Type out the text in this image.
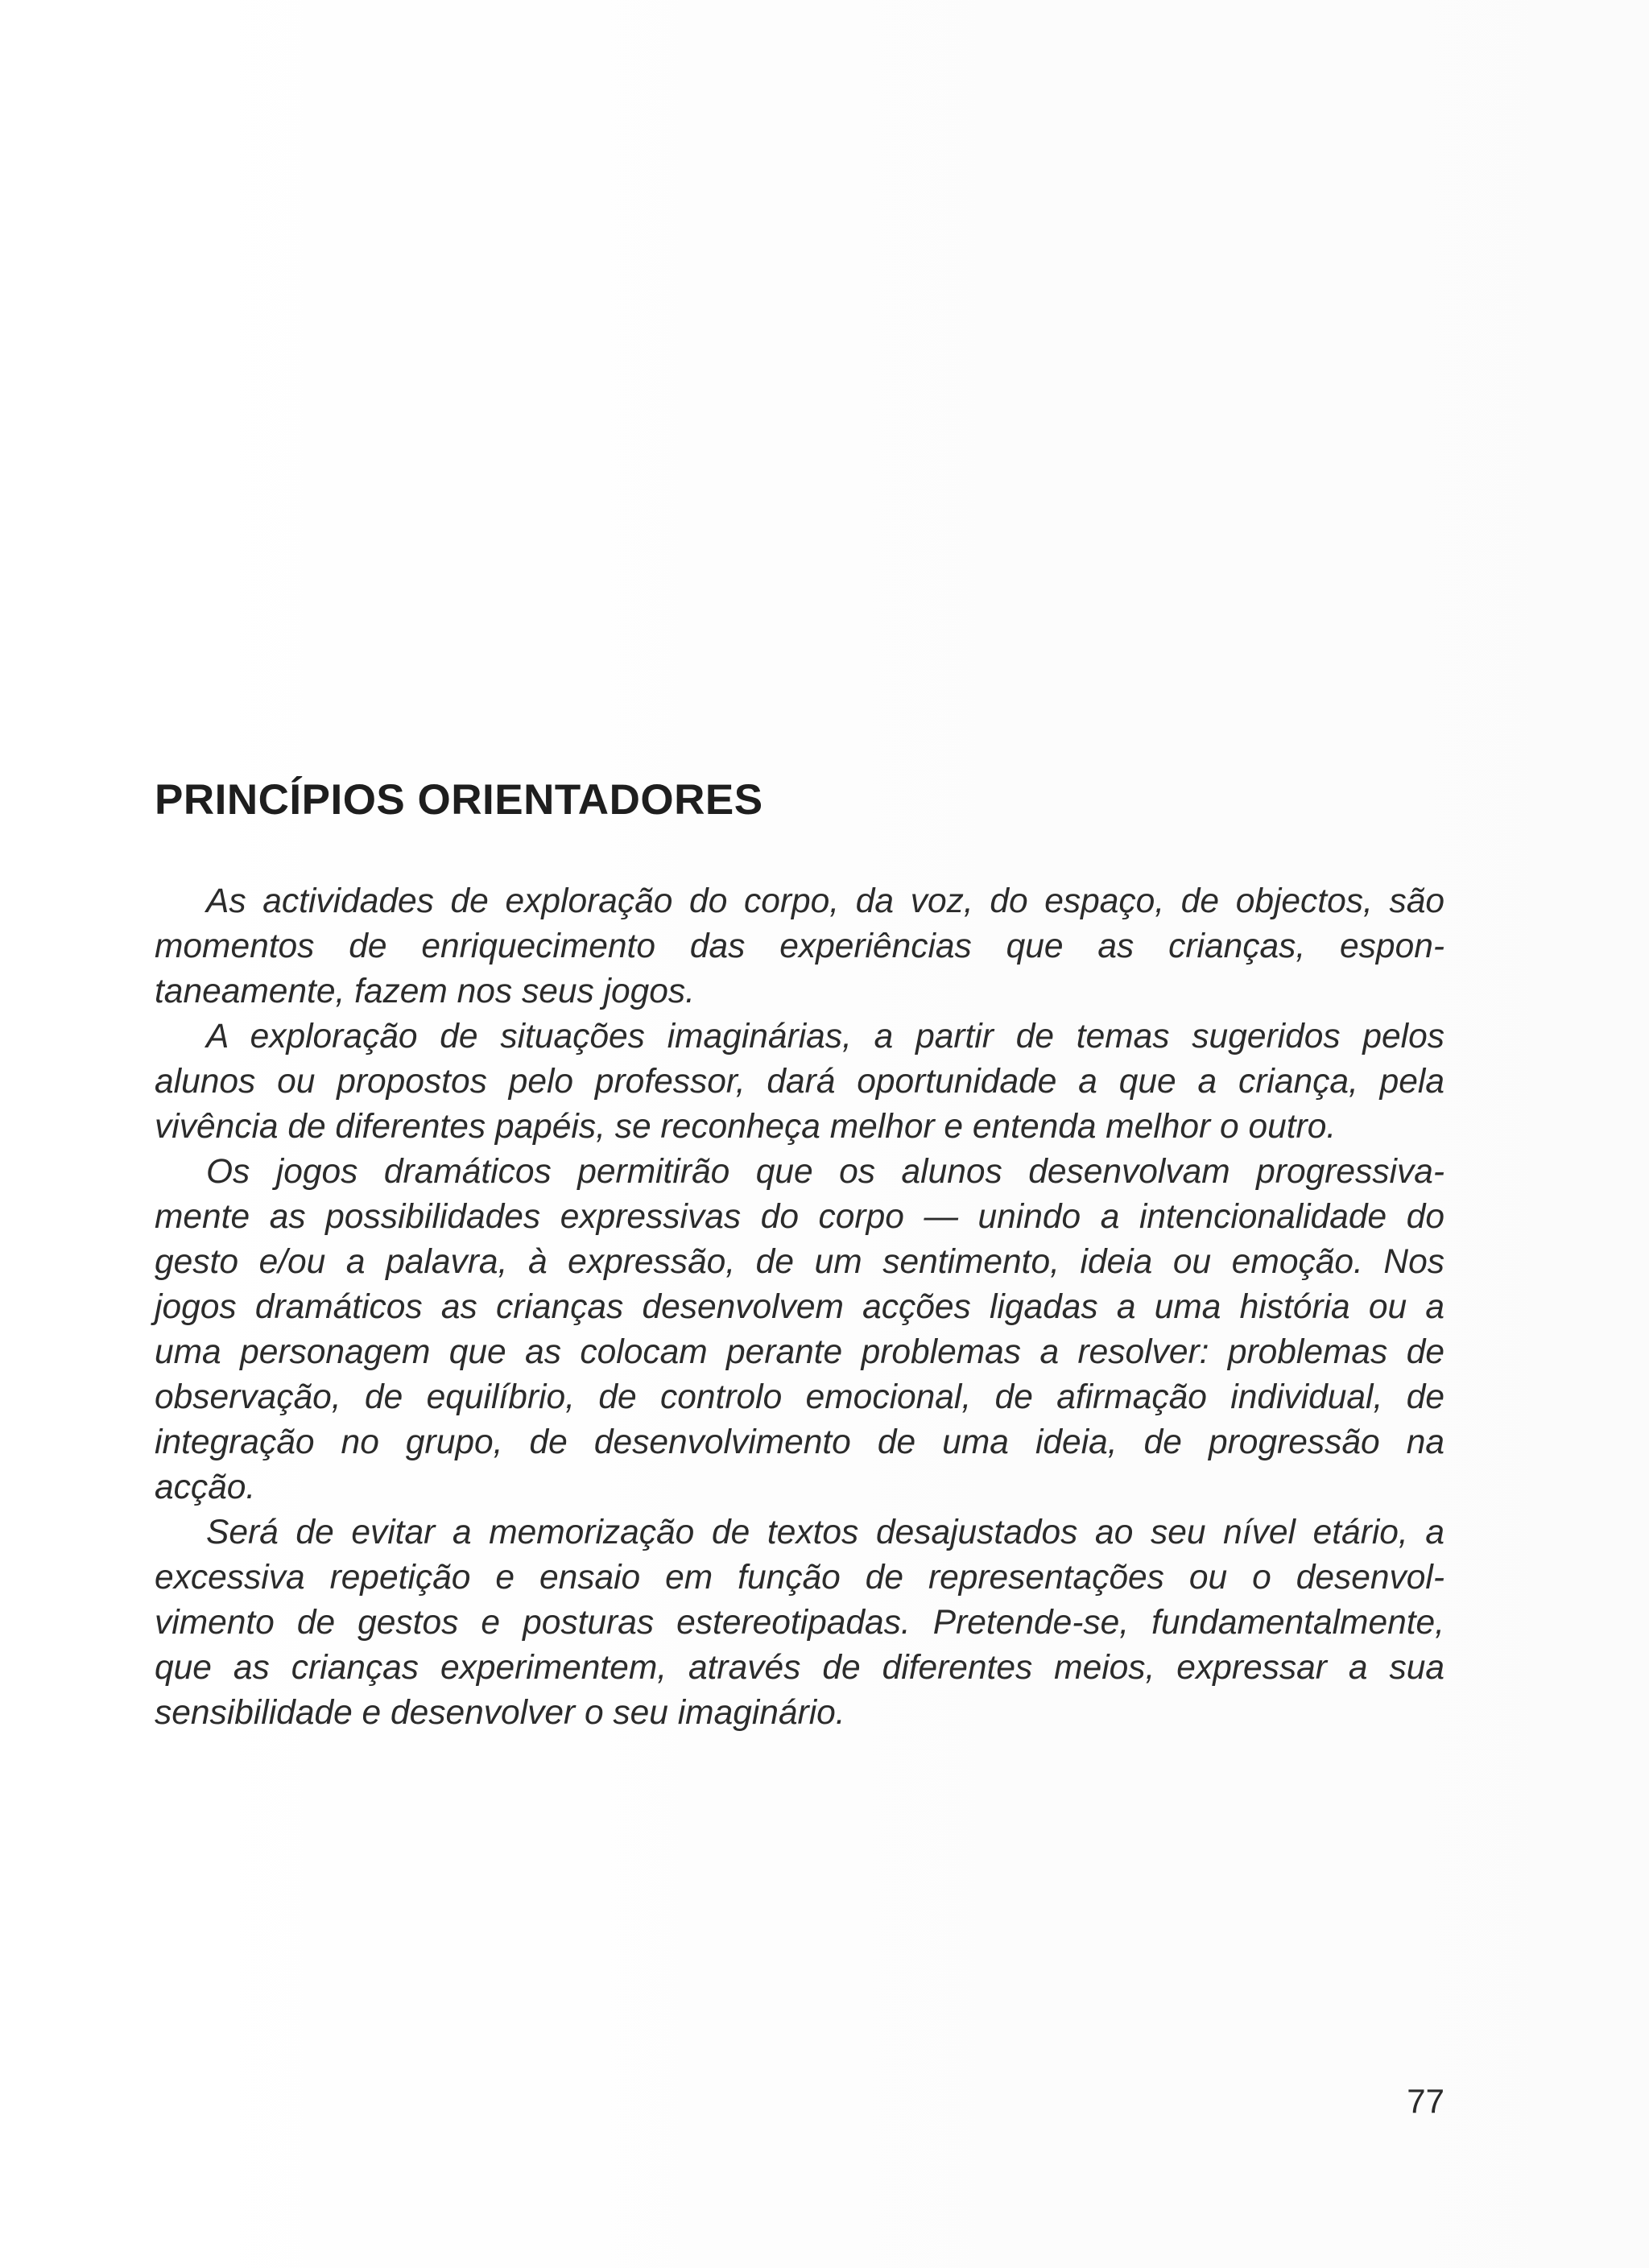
PRINCÍPIOS ORIENTADORES
As actividades de exploração do corpo, da voz, do espaço, de objectos, são
momentos de enriquecimento das experiências que as crianças, espon-
taneamente, fazem nos seus jogos.
A exploração de situações imaginárias, a partir de temas sugeridos pelos
alunos ou propostos pelo professor, dará oportunidade a que a criança, pela
vivência de diferentes papéis, se reconheça melhor e entenda melhor o outro.
Os jogos dramáticos permitirão que os alunos desenvolvam progressiva-
mente as possibilidades expressivas do corpo — unindo a intencionalidade do
gesto e/ou a palavra, à expressão, de um sentimento, ideia ou emoção. Nos
jogos dramáticos as crianças desenvolvem acções ligadas a uma história ou a
uma personagem que as colocam perante problemas a resolver: problemas de
observação, de equilíbrio, de controlo emocional, de afirmação individual, de
integração no grupo, de desenvolvimento de uma ideia, de progressão na
acção.
Será de evitar a memorização de textos desajustados ao seu nível etário, a
excessiva repetição e ensaio em função de representações ou o desenvol-
vimento de gestos e posturas estereotipadas. Pretende-se, fundamentalmente,
que as crianças experimentem, através de diferentes meios, expressar a sua
sensibilidade e desenvolver o seu imaginário.
77
